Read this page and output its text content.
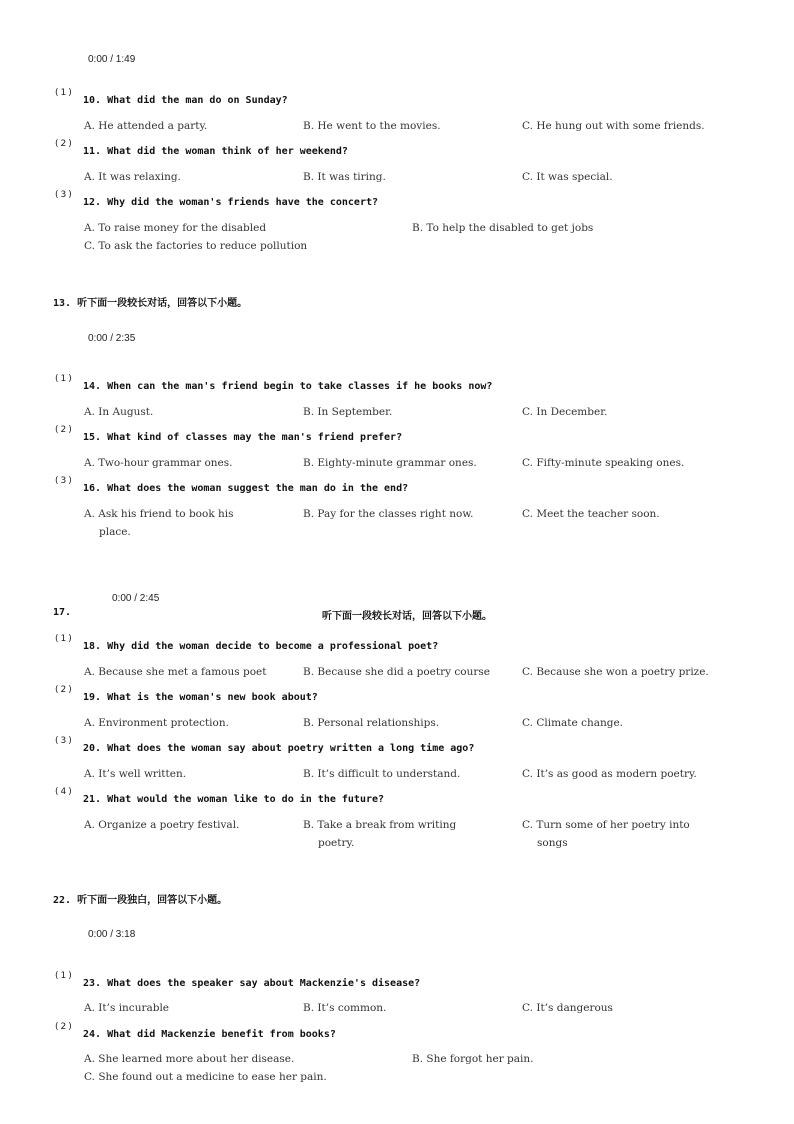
0:00 / 1:49
(1)
10. What did the man do on Sunday?
A. He attended a party.	B. He went to the movies.	C. He hung out with some friends.
(2)
11. What did the woman think of her weekend?
A. It was relaxing.	B. It was tiring.	C. It was special.
(3)
12. Why did the woman's friends have the concert?
A. To raise money for the disabled	B. To help the disabled to get jobs
C. To ask the factories to reduce pollution
13. 听下面一段较长对话，回答以下小题。
0:00 / 2:35
(1)
14. When can the man's friend begin to take classes if he books now?
A. In August.	B. In September.	C. In December.
(2)
15. What kind of classes may the man's friend prefer?
A. Two-hour grammar ones.	B. Eighty-minute grammar ones.	C. Fifty-minute speaking ones.
(3)
16. What does the woman suggest the man do in the end?
A. Ask his friend to book his
place.
B. Pay for the classes right now.	C. Meet the teacher soon.
0:00 / 2:45
17.	听下面一段较长对话，回答以下小题。
(1)
18. Why did the woman decide to become a professional poet?
A. Because she met a famous poet	B. Because she did a poetry course	C. Because she won a poetry prize.
(2)
19. What is the woman's new book about?
A. Environment protection.	B. Personal relationships.	C. Climate change.
(3)
20. What does the woman say about poetry written a long time ago?
A. It’s well written.	B. It’s difficult to understand.	C. It’s as good as modern poetry.
(4)
21. What would the woman like to do in the future?
A. Organize a poetry festival.	B. Take a break from writing
poetry.
C. Turn some of her poetry into
songs
22. 听下面一段独白，回答以下小题。
0:00 / 3:18
(1)
23. What does the speaker say about Mackenzie's disease?
A. It’s incurable	B. It’s common.	C. It’s dangerous
(2)
24. What did Mackenzie benefit from books?
A. She learned more about her disease.	B. She forgot her pain.
C. She found out a medicine to ease her pain.
